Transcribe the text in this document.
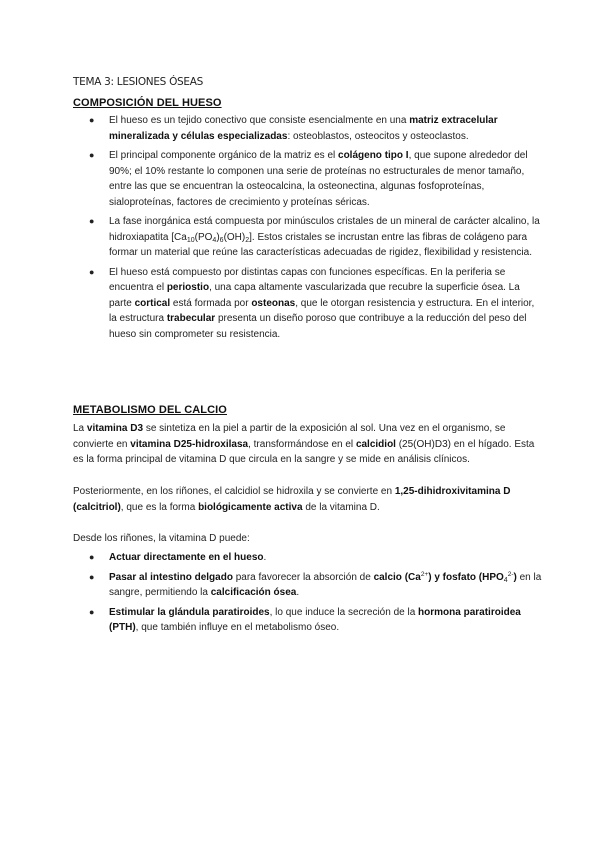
TEMA 3: LESIONES ÓSEAS
COMPOSICIÓN DEL HUESO
● El hueso es un tejido conectivo que consiste esencialmente en una matriz extracelular mineralizada y células especializadas: osteoblastos, osteocitos y osteoclastos.
● El principal componente orgánico de la matriz es el colágeno tipo I, que supone alrededor del 90%; el 10% restante lo componen una serie de proteínas no estructurales de menor tamaño, entre las que se encuentran la osteocalcina, la osteonectina, algunas fosfoproteínas, sialoproteínas, factores de crecimiento y proteínas séricas.
● La fase inorgánica está compuesta por minúsculos cristales de un mineral de carácter alcalino, la hidroxiapatita $[Ca_{10}(PO_4)_6(OH)_2]$. Estos cristales se incrustan entre las fibras de colágeno para formar un material que reúne las características adecuadas de rigidez, flexibilidad y resistencia.
● El hueso está compuesto por distintas capas con funciones específicas. En la periferia se encuentra el periostio, una capa altamente vascularizada que recubre la superficie ósea. La parte cortical está formada por osteonas, que le otorgan resistencia y estructura. En el interior, la estructura trabecular presenta un diseño poroso que contribuye a la reducción del peso del hueso sin comprometer su resistencia.
METABOLISMO DEL CALCIO

La vitamina D3 se sintetiza en la piel a partir de la exposición al sol. Una vez en el organismo, se convierte en vitamina D25-hidroxilasa, transformándose en el calcidiol (25(OH)D3) en el hígado. Esta es la forma principal de vitamina D que circula en la sangre y se mide en análisis clínicos.

Posteriormente, en los riñones, el calcidiol se hidroxila y se convierte en 1,25-dihidroxivitamina D (calcitriol), que es la forma biológicamente activa de la vitamina D.

Desde los riñones, la vitamina D puede:

● Actuar directamente en el hueso.
● Pasar al intestino delgado para favorecer la absorción de calcio $(Ca^{2+})$ y fosfato $(HPO_4^{2-})$ en la sangre, permitiendo la calcificación ósea.
● Estimular la glándula paratiroides, lo que induce la secreción de la hormona paratiroidea (PTH), que también influye en el metabolismo óseo.
